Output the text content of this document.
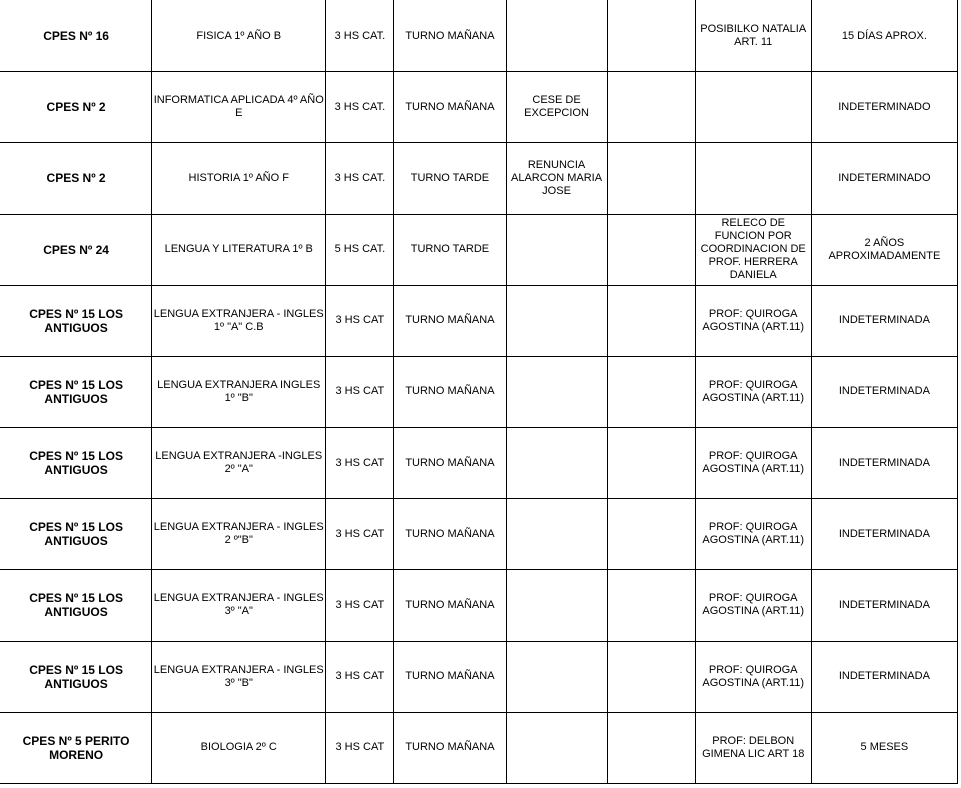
CPES Nº 16	FISICA 1º AÑO B	3 HS CAT.	TURNO MAÑANA			POSIBILKO NATALIA ART. 11	15 DÍAS APROX.
CPES Nº 2	INFORMATICA APLICADA 4º AÑO E	3 HS CAT.	TURNO MAÑANA	CESE DE EXCEPCION			INDETERMINADO
CPES Nº 2	HISTORIA 1º AÑO F	3 HS CAT.	TURNO TARDE	RENUNCIA ALARCON MARIA JOSE			INDETERMINADO
CPES Nº 24	LENGUA Y LITERATURA 1º B	5 HS CAT.	TURNO TARDE			RELECO DE FUNCION POR COORDINACION DE PROF. HERRERA DANIELA	2 AÑOS APROXIMADAMENTE
CPES Nº 15 LOS ANTIGUOS	LENGUA EXTRANJERA - INGLES 1º "A" C.B	3 HS CAT	TURNO MAÑANA			PROF: QUIROGA AGOSTINA (ART.11)	INDETERMINADA
CPES Nº 15 LOS ANTIGUOS	LENGUA EXTRANJERA INGLES 1º "B"	3 HS CAT	TURNO MAÑANA			PROF: QUIROGA AGOSTINA (ART.11)	INDETERMINADA
CPES Nº 15 LOS ANTIGUOS	LENGUA EXTRANJERA -INGLES 2º "A"	3 HS CAT	TURNO MAÑANA			PROF: QUIROGA AGOSTINA (ART.11)	INDETERMINADA
CPES Nº 15 LOS ANTIGUOS	LENGUA EXTRANJERA - INGLES 2 º"B"	3 HS CAT	TURNO MAÑANA			PROF: QUIROGA AGOSTINA (ART.11)	INDETERMINADA
CPES Nº 15 LOS ANTIGUOS	LENGUA EXTRANJERA - INGLES 3º "A"	3 HS CAT	TURNO MAÑANA			PROF: QUIROGA AGOSTINA (ART.11)	INDETERMINADA
CPES Nº 15 LOS ANTIGUOS	LENGUA EXTRANJERA - INGLES 3º "B"	3 HS CAT	TURNO MAÑANA			PROF: QUIROGA AGOSTINA (ART.11)	INDETERMINADA
CPES Nº 5 PERITO MORENO	BIOLOGIA 2º C	3 HS CAT	TURNO MAÑANA			PROF: DELBON GIMENA LIC ART 18	5 MESES
